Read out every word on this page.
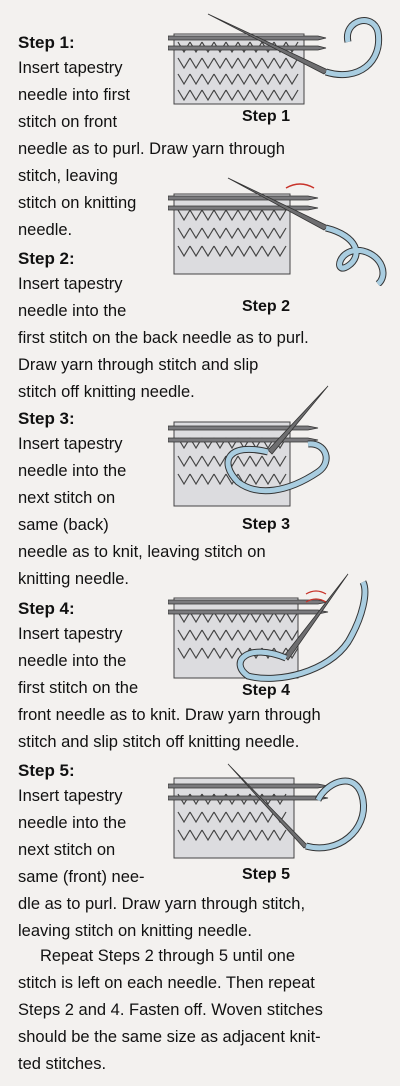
Step 1:
Insert tapestry
needle into first
stitch on front
needle as to purl. Draw yarn through
stitch, leaving
stitch on knitting
needle.
Step 2:
Insert tapestry
needle into the
first stitch on the back needle as to purl.
Draw yarn through stitch and slip
stitch off knitting needle.
Step 3:
Insert tapestry
needle into the
next stitch on
same (back)
needle as to knit, leaving stitch on
knitting needle.
Step 4:
Insert tapestry
needle into the
first stitch on the
front needle as to knit. Draw yarn through
stitch and slip stitch off knitting needle.
Step 5:
Insert tapestry
needle into the
next stitch on
same (front) nee-
dle as to purl. Draw yarn through stitch,
leaving stitch on knitting needle.
Repeat Steps 2 through 5 until one
stitch is left on each needle. Then repeat
Steps 2 and 4. Fasten off. Woven stitches
should be the same size as adjacent knit-
ted stitches.
Step 1
Step 2
Step 3
Step 4
Step 5
